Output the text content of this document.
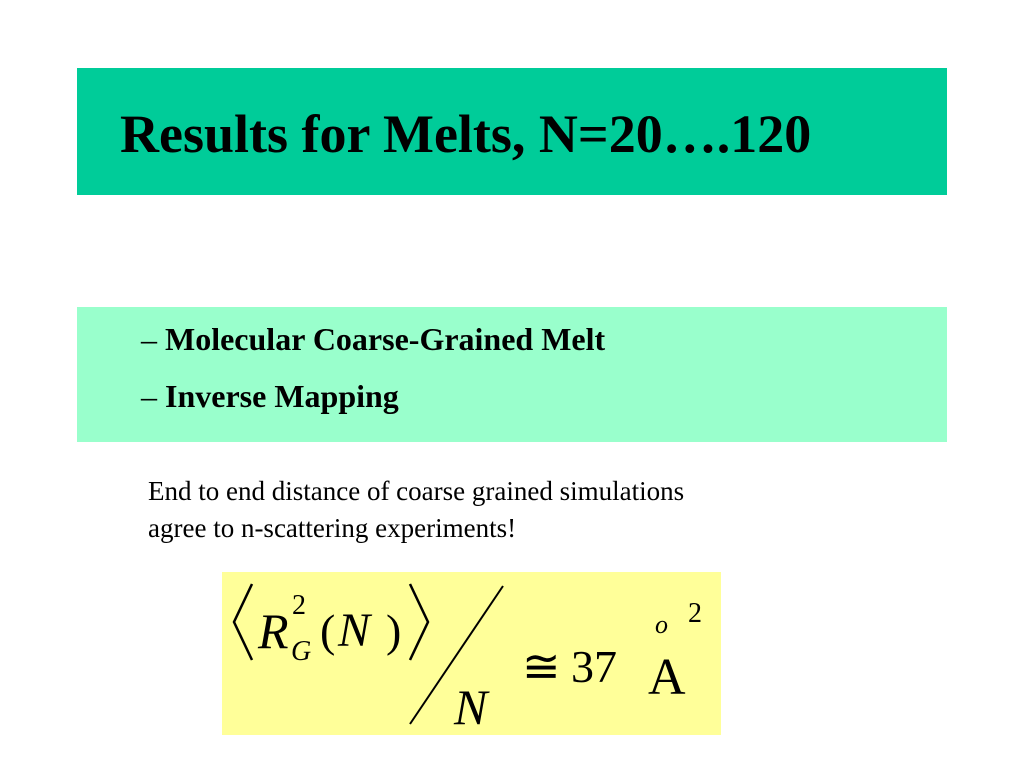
Results for Melts, N=20….120
– Molecular Coarse-Grained Melt
– Inverse Mapping
End to end distance of coarse grained simulations
agree to n-scattering experiments!
R 2
G ( N )
N
≅ 37 A
o 2
